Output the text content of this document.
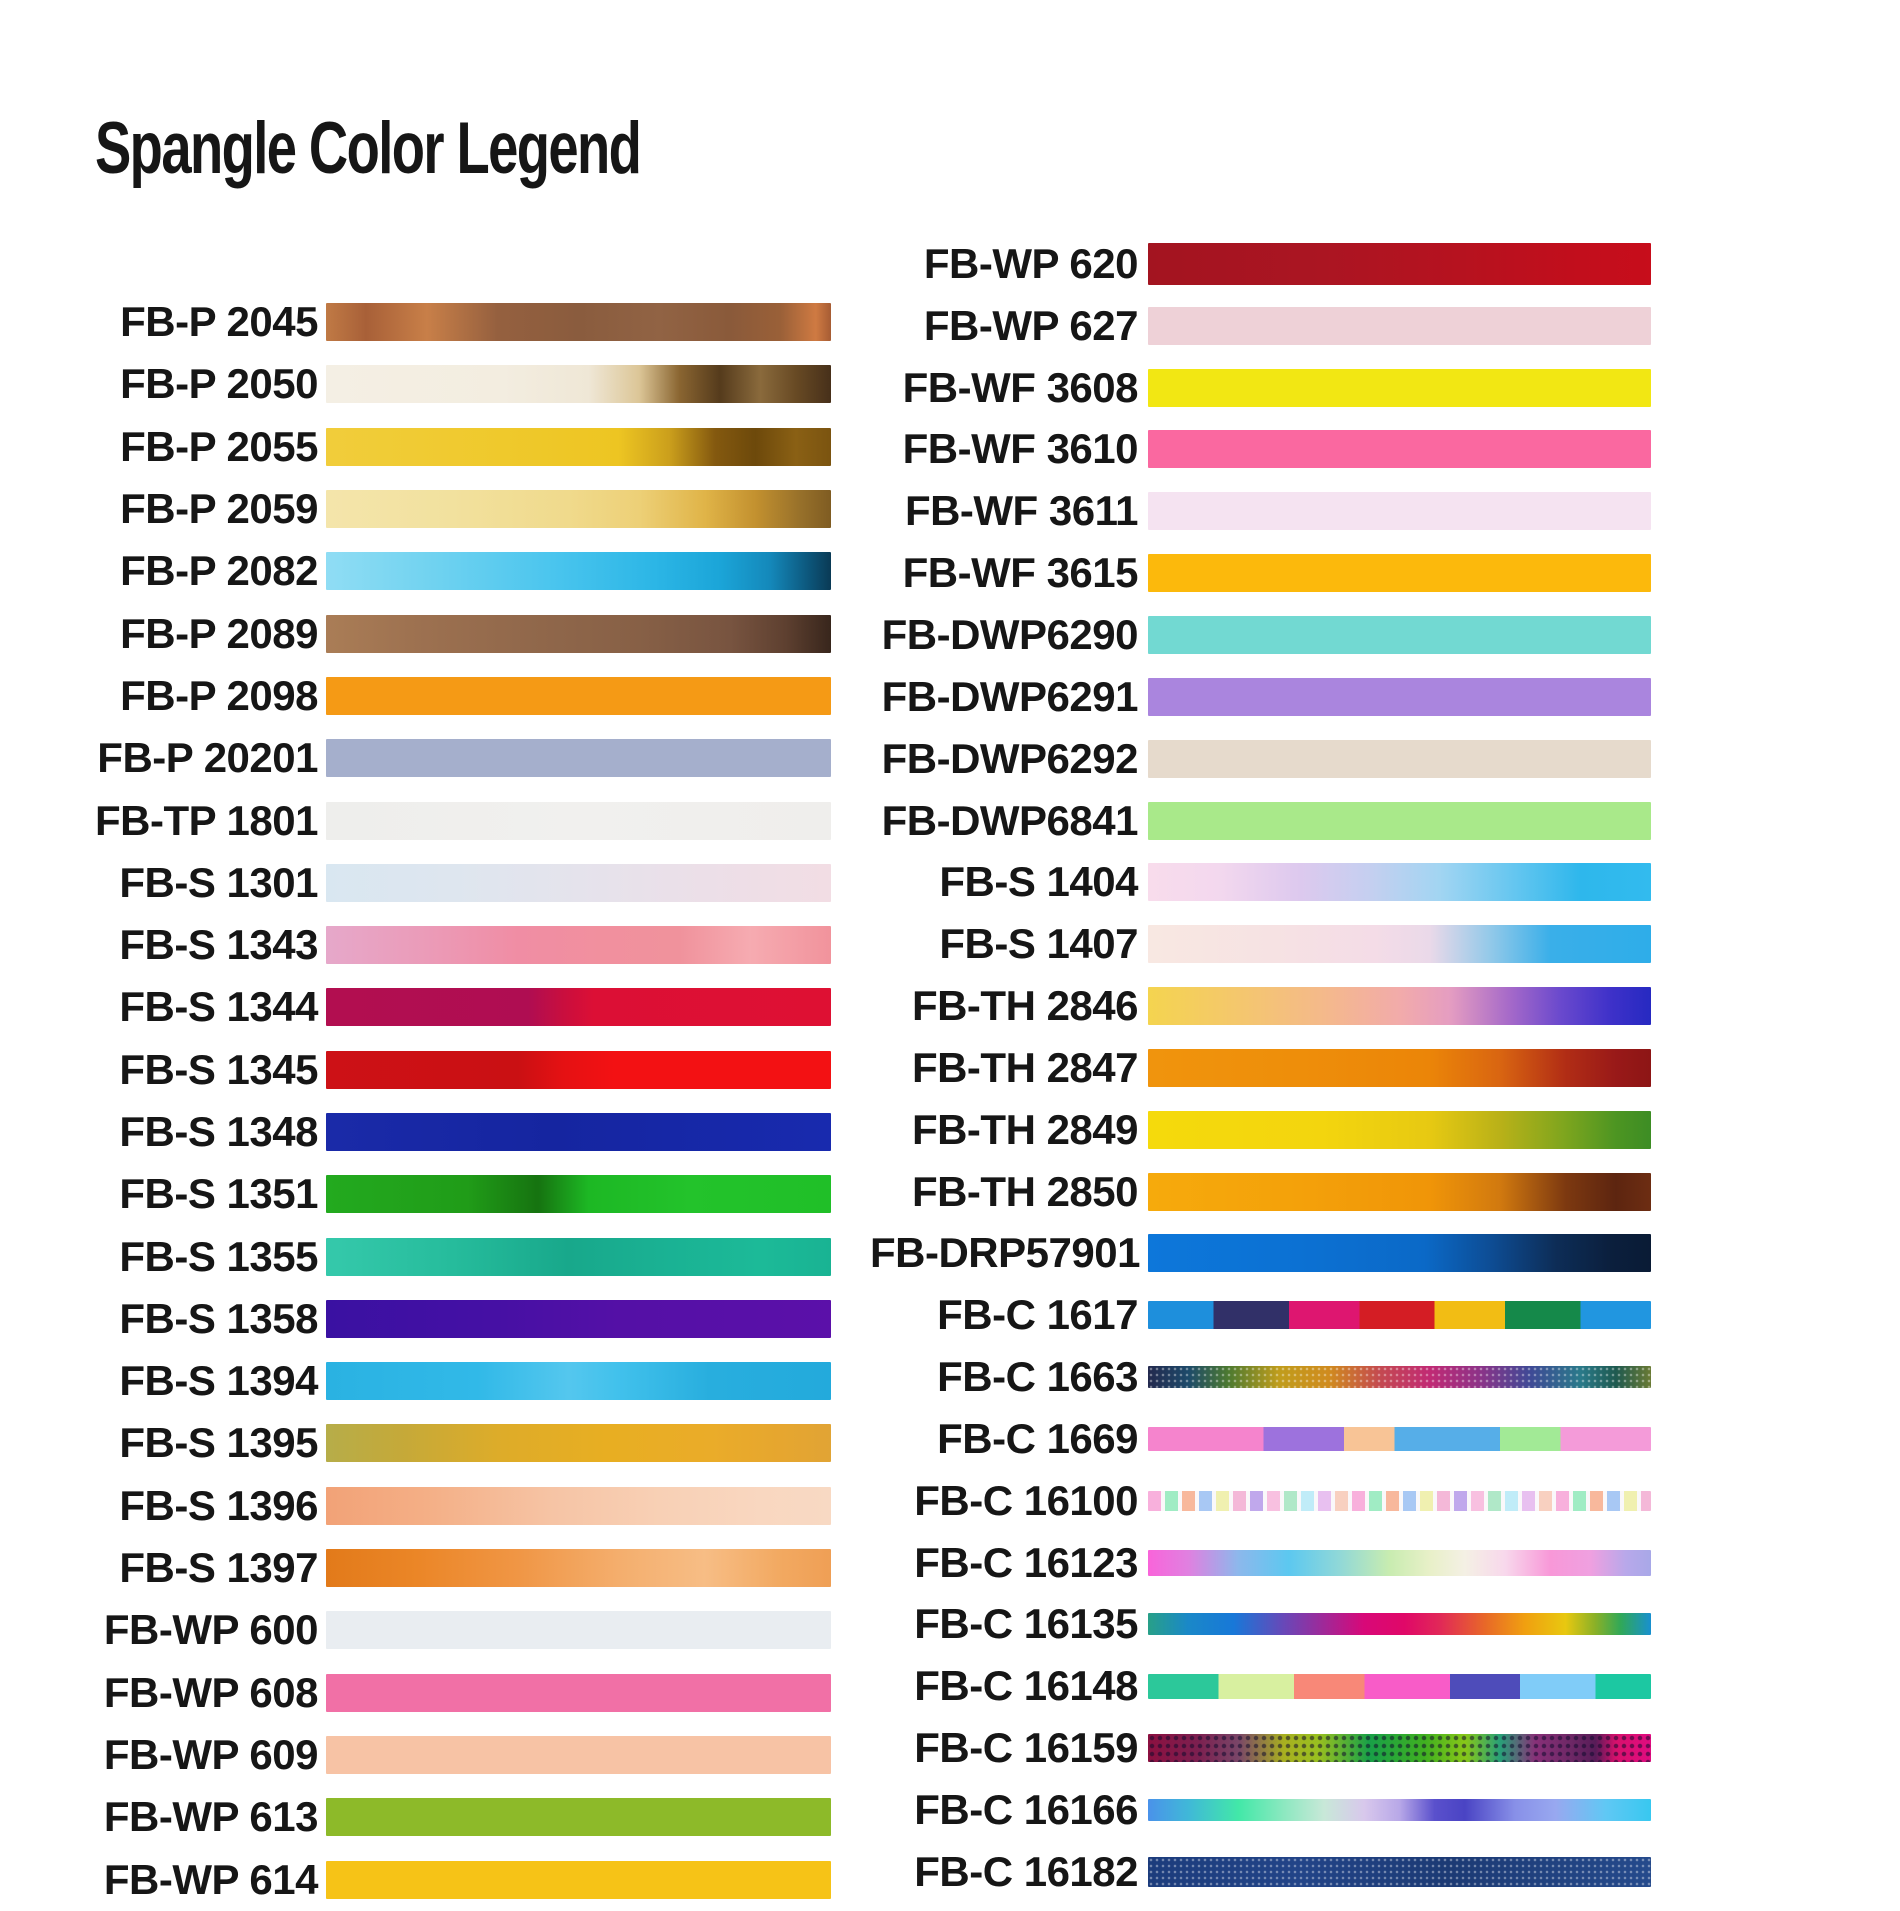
Spangle Color Legend
FB-P 2045
FB-P 2050
FB-P 2055
FB-P 2059
FB-P 2082
FB-P 2089
FB-P 2098
FB-P 20201
FB-TP 1801
FB-S 1301
FB-S 1343
FB-S 1344
FB-S 1345
FB-S 1348
FB-S 1351
FB-S 1355
FB-S 1358
FB-S 1394
FB-S 1395
FB-S 1396
FB-S 1397
FB-WP 600
FB-WP 608
FB-WP 609
FB-WP 613
FB-WP 614
FB-WP 620
FB-WP 627
FB-WF 3608
FB-WF 3610
FB-WF 3611
FB-WF 3615
FB-DWP6290
FB-DWP6291
FB-DWP6292
FB-DWP6841
FB-S 1404
FB-S 1407
FB-TH 2846
FB-TH 2847
FB-TH 2849
FB-TH 2850
FB-DRP57901
FB-C 1617
FB-C 1663
FB-C 1669
FB-C 16100
FB-C 16123
FB-C 16135
FB-C 16148
FB-C 16159
FB-C 16166
FB-C 16182
